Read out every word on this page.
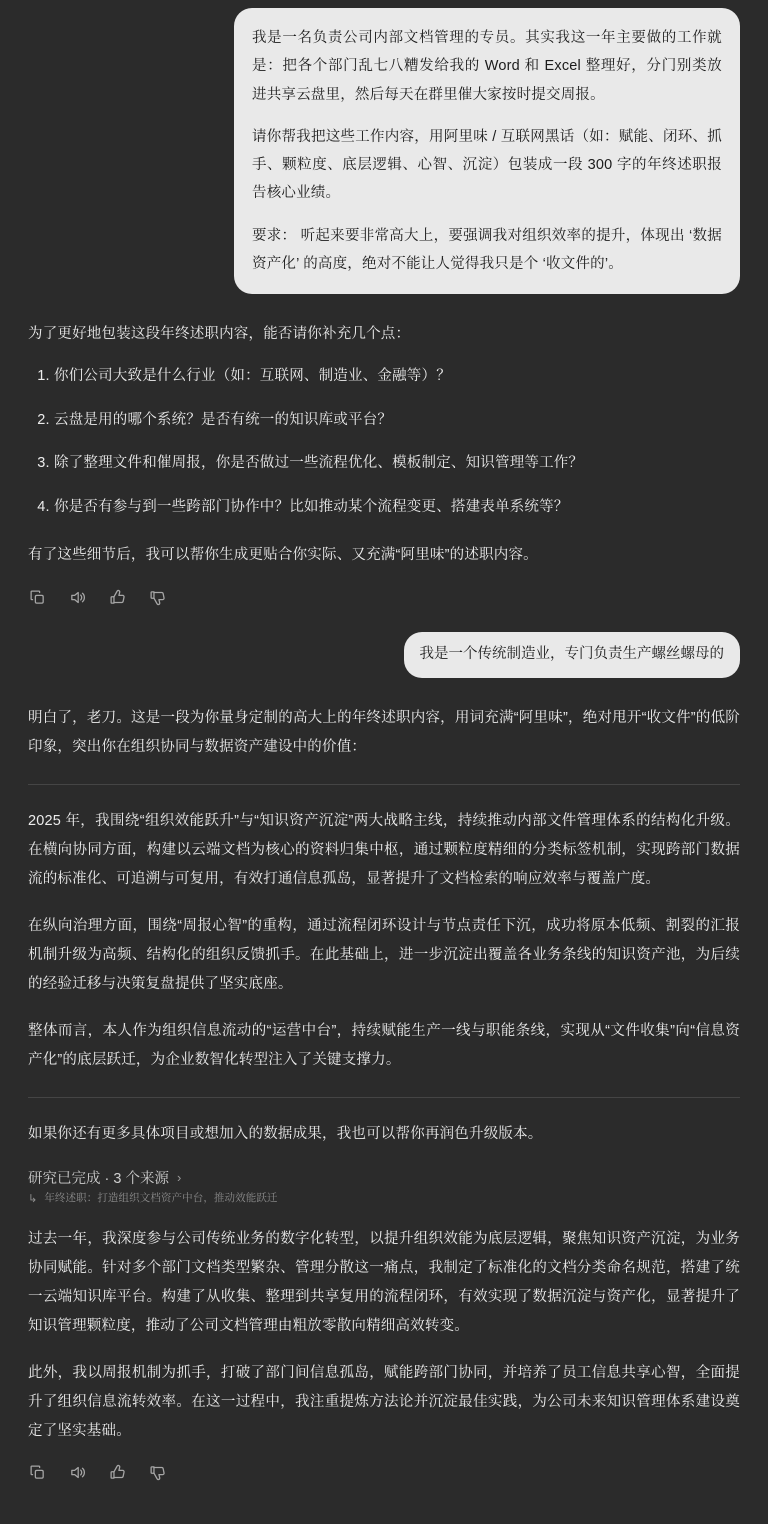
我是一名负责公司内部文档管理的专员。其实我这一年主要做的工作就是：把各个部门乱七八糟发给我的 Word 和 Excel 整理好，分门别类放进共享云盘里，然后每天在群里催大家按时提交周报。

请你帮我把这些工作内容，用阿里味 / 互联网黑话（如：赋能、闭环、抓手、颗粒度、底层逻辑、心智、沉淀）包装成一段 300 字的年终述职报告核心业绩。

要求： 听起来要非常高大上，要强调我对组织效率的提升，体现出 ‘数据资产化’ 的高度，绝对不能让人觉得我只是个 ‘收文件的’。

为了更好地包装这段年终述职内容，能否请你补充几个点：

1. 你们公司大致是什么行业（如：互联网、制造业、金融等）？
2. 云盘是用的哪个系统？是否有统一的知识库或平台？
3. 除了整理文件和催周报，你是否做过一些流程优化、模板制定、知识管理等工作？
4. 你是否有参与到一些跨部门协作中？比如推动某个流程变更、搭建表单系统等？

有了这些细节后，我可以帮你生成更贴合你实际、又充满“阿里味”的述职内容。

我是一个传统制造业，专门负责生产螺丝螺母的

明白了，老刀。这是一段为你量身定制的高大上的年终述职内容，用词充满“阿里味”，绝对甩开“收文件”的低阶印象，突出你在组织协同与数据资产建设中的价值：

2025 年，我围绕“组织效能跃升”与“知识资产沉淀”两大战略主线，持续推动内部文件管理体系的结构化升级。在横向协同方面，构建以云端文档为核心的资料归集中枢，通过颗粒度精细的分类标签机制，实现跨部门数据流的标准化、可追溯与可复用，有效打通信息孤岛，显著提升了文档检索的响应效率与覆盖广度。

在纵向治理方面，围绕“周报心智”的重构，通过流程闭环设计与节点责任下沉，成功将原本低频、割裂的汇报机制升级为高频、结构化的组织反馈抓手。在此基础上，进一步沉淀出覆盖各业务条线的知识资产池，为后续的经验迁移与决策复盘提供了坚实底座。

整体而言，本人作为组织信息流动的“运营中台”，持续赋能生产一线与职能条线，实现从“文件收集”向“信息资产化”的底层跃迁，为企业数智化转型注入了关键支撑力。

如果你还有更多具体项目或想加入的数据成果，我也可以帮你再润色升级版本。

研究已完成 · 3 个来源 ›
↳ 年终述职：打造组织文档资产中台，推动效能跃迁

过去一年，我深度参与公司传统业务的数字化转型，以提升组织效能为底层逻辑，聚焦知识资产沉淀，为业务协同赋能。针对多个部门文档类型繁杂、管理分散这一痛点，我制定了标准化的文档分类命名规范，搭建了统一云端知识库平台。构建了从收集、整理到共享复用的流程闭环，有效实现了数据沉淀与资产化，显著提升了知识管理颗粒度，推动了公司文档管理由粗放零散向精细高效转变。

此外，我以周报机制为抓手，打破了部门间信息孤岛，赋能跨部门协同，并培养了员工信息共享心智，全面提升了组织信息流转效率。在这一过程中，我注重提炼方法论并沉淀最佳实践，为公司未来知识管理体系建设奠定了坚实基础。
